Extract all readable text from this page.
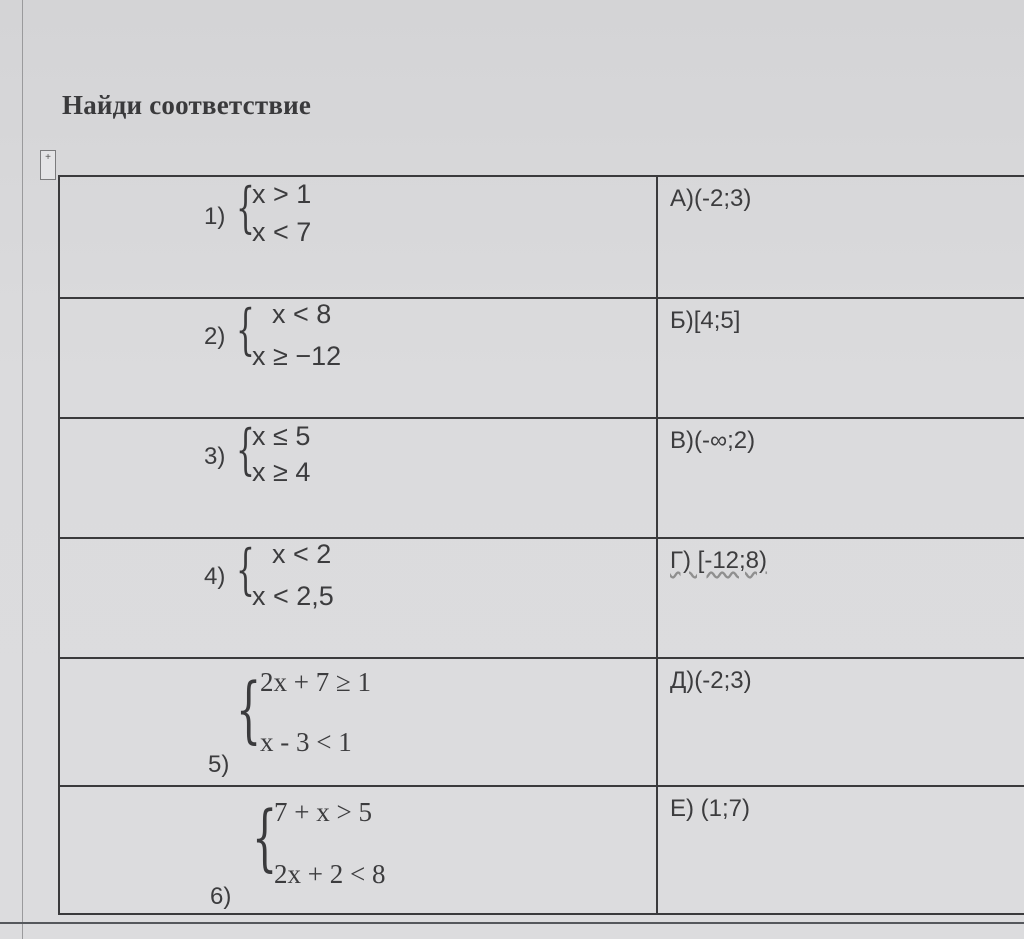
+
Найди соответствие
1) {
x > 1
x < 7	А)(-2;3)

2) { x < 8
x ≥ −12	Б)[4;5]

3) {
x ≤ 5
x ≥ 4	В)(-∞;2)

4) { x < 2
x < 2,5	Г) [-12;8)

{
2x + 7 ≥ 1
x - 3 < 1
5)	Д)(-2;3)

{
7 + x > 5
2x + 2 < 8
6)	Е) (1;7)
